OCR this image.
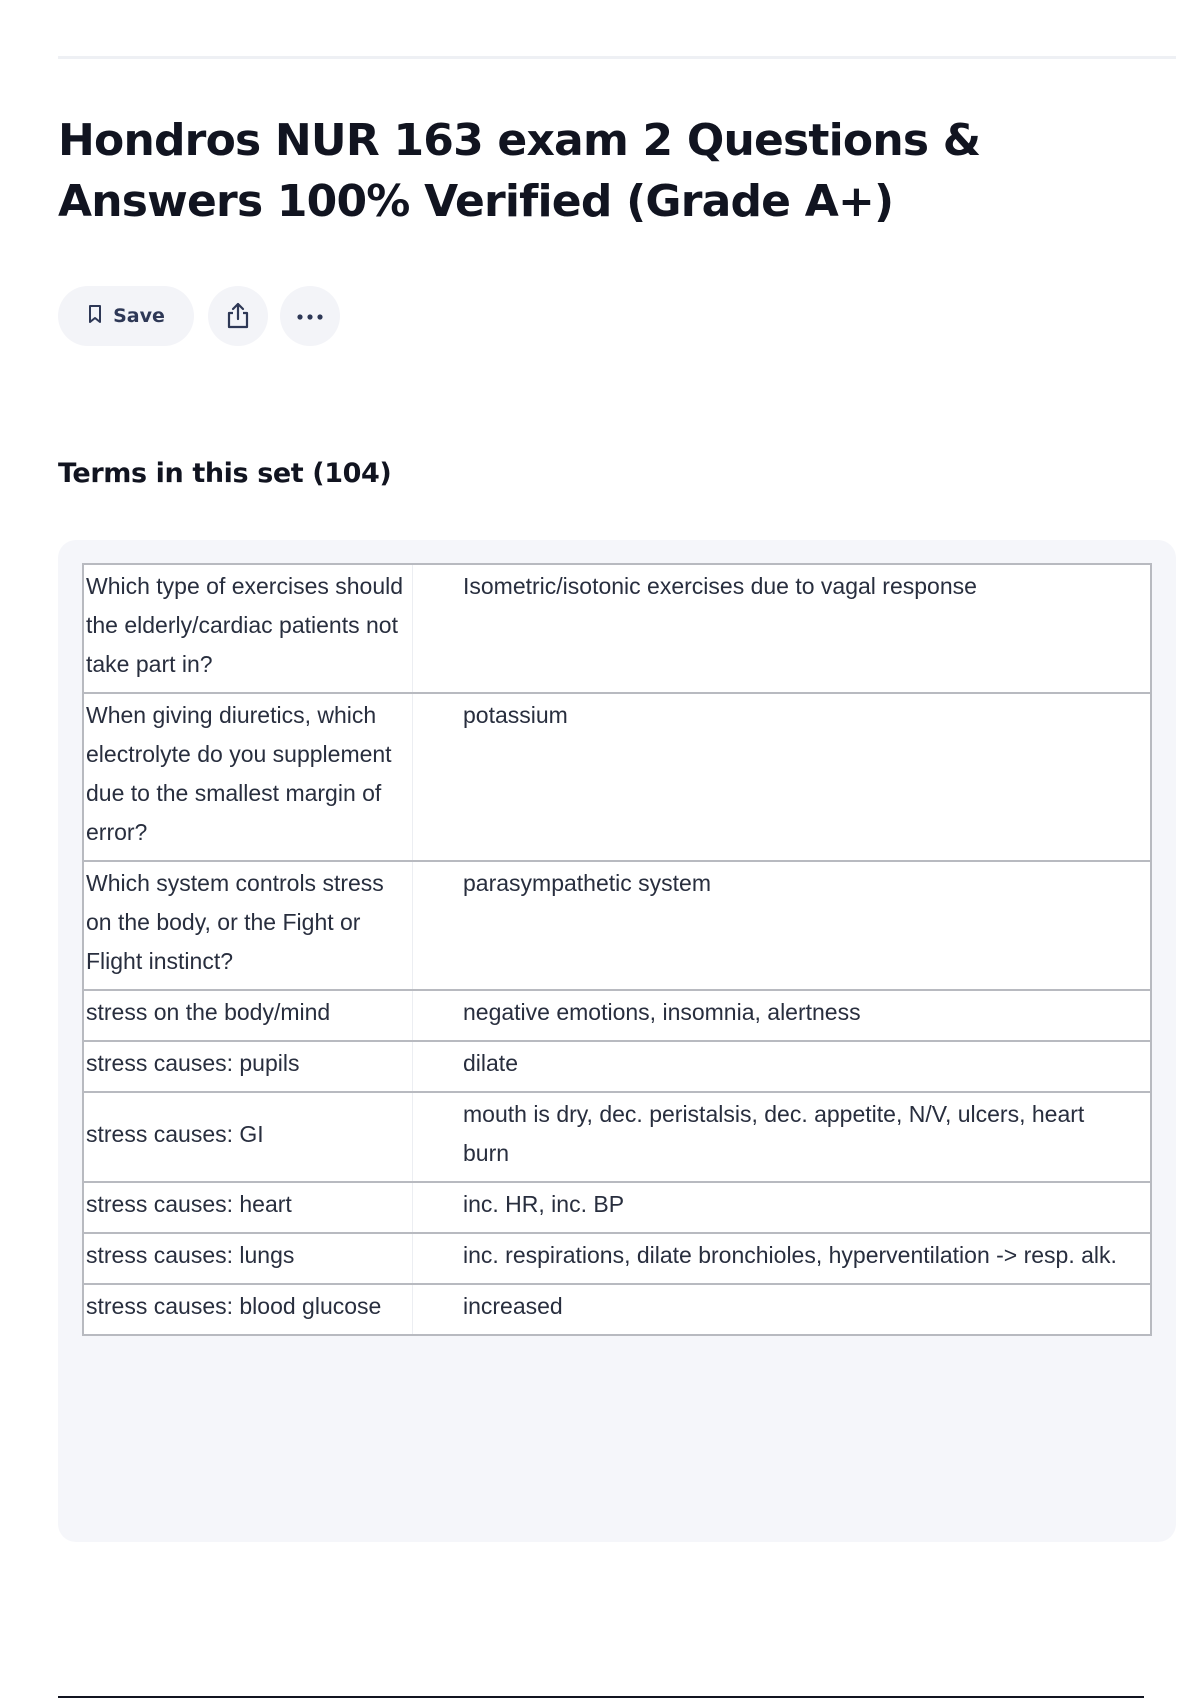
Hondros NUR 163 exam 2 Questions & Answers 100% Verified (Grade A+)
Save
Terms in this set (104)
Which type of exercises should the elderly/cardiac patients not take part in?	Isometric/isotonic exercises due to vagal response
When giving diuretics, which electrolyte do you supplement due to the smallest margin of error?	potassium
Which system controls stress on the body, or the Fight or Flight instinct?	parasympathetic system
stress on the body/mind	negative emotions, insomnia, alertness
stress causes: pupils	dilate
stress causes: GI	mouth is dry, dec. peristalsis, dec. appetite, N/V, ulcers, heart burn
stress causes: heart	inc. HR, inc. BP
stress causes: lungs	inc. respirations, dilate bronchioles, hyperventilation -> resp. alk.
stress causes: blood glucose	increased
